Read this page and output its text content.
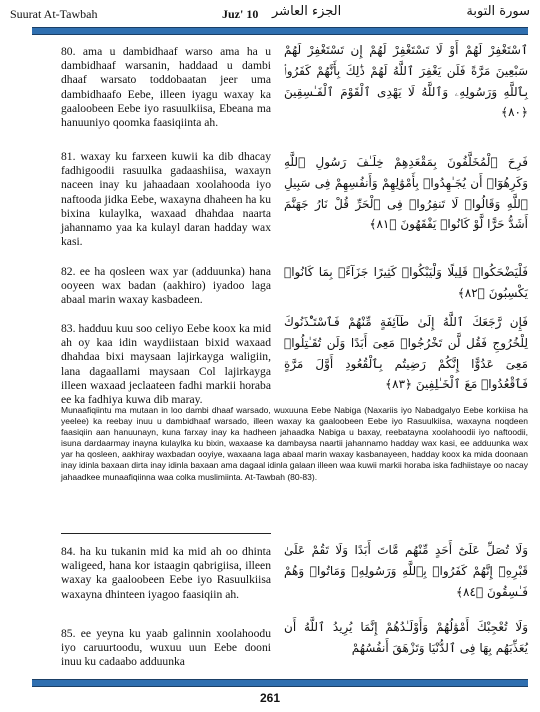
Suurat At-Tawbah	Juz' 10 الجزء العاشر	سورة التوبة
80. ama u dambidhaaf warso ama ha u dambidhaaf warsanin, haddaad u dambi dhaaf warsato toddobaatan jeer uma dambidhaafo Eebe, illeen iyagu waxay ka gaaloobeen Eebe iyo rasuulkiisa, Ebeana ma hanuuniyo qoomka faasiqiinta ah.
ٱسْتَغْفِرْ لَهُمْ أَوْ لَا تَسْتَغْفِرْ لَهُمْ إِن تَسْتَغْفِرْ لَهُمْ سَبْعِينَ مَرَّةً فَلَن يَغْفِرَ ٱللَّهُ لَهُمْ ذَٰلِكَ بِأَنَّهُمْ كَفَرُوا۟ بِٱللَّهِ وَرَسُولِهِۦ وَٱللَّهُ لَا يَهْدِى ٱلْقَوْمَ ٱلْفَـٰسِقِينَ ﴿٨٠﴾
81. waxay ku farxeen kuwii ka dib dhacay fadhigoodii rasuulka gadaashiisa, waxayn naceen inay ku jahaadaan xoolahooda iyo naftooda jidka Eebe, waxayna dhaheen ha ku bixina kulaylka, waxaad dhahdaa naarta jahannamo yaa ka kulayl daran hadday wax kasi.
فَرِحَ ٱلْمُخَلَّفُونَ بِمَقْعَدِهِمْ خِلَـٰفَ رَسُولِ ٱللَّهِ وَكَرِهُوٓا۟ أَن يُجَـٰهِدُوا۟ بِأَمْوَٰلِهِمْ وَأَنفُسِهِمْ فِى سَبِيلِ ٱللَّهِ وَقَالُوا۟ لَا تَنفِرُوا۟ فِى ٱلْحَرِّ قُلْ نَارُ جَهَنَّمَ أَشَدُّ حَرًّا لَّوْ كَانُوا۟ يَفْقَهُونَ ﴿٨١﴾
82. ee ha qosleen wax yar (adduunka) hana ooyeen wax badan (aakhiro) iyadoo laga abaal marin waxay kasbadeen.
فَلْيَضْحَكُوا۟ قَلِيلًا وَلْيَبْكُوا۟ كَثِيرًا جَزَآءًۢ بِمَا كَانُوا۟ يَكْسِبُونَ ﴿٨٢﴾
83. hadduu kuu soo celiyo Eebe koox ka mid ah oy kaa idin waydiistaan bixid waxaad dhahdaa bixi maysaan lajirkayga waligiin, lana dagaallami maysaan Col lajirkayga illeen waxaad jeclaateen fadhi markii horaba ee ka fadhiya kuwa dib maray.
فَإِن رَّجَعَكَ ٱللَّهُ إِلَىٰ طَآئِفَةٍ مِّنْهُمْ فَٱسْتَـْٔذَنُوكَ لِلْخُرُوجِ فَقُل لَّن تَخْرُجُوا۟ مَعِىَ أَبَدًا وَلَن تُقَـٰتِلُوا۟ مَعِىَ عَدُوًّا إِنَّكُمْ رَضِيتُم بِٱلْقُعُودِ أَوَّلَ مَرَّةٍ فَٱقْعُدُوا۟ مَعَ ٱلْخَـٰلِفِينَ ﴿٨٣﴾
Munaafiqiintu ma mutaan in loo dambi dhaaf warsado, wuxuuna Eebe Nabiga (Naxariis iyo Nabadgalyo Eebe korkiisa ha yeelee) ka reebay inuu u dambidhaaf warsado, illeen waxay ka gaaloobeen Eebe iyo Rasuulkiisa, waxayna noqdeen faasiqiin aan hanuunayn, kuna farxay inay ka hadheen jahaadka Nabiga u baxay, reebatayna xoolahoodii iyo naftoodii, isuna dardaarmay inayna kulaylka ku bixin, waxaase ka dambaysa naartii jahannamo hadday wax kasi, ee adduunka wax yar ha qosleen, aakhiray waxbadan ooyiye, waxaana laga abaal marin waxay kasbanayeen, hadday koox ka mida doonaan inay idinla baxaan dirta inay idinla baxaan ama dagaal idinla galaan illeen waa kuwii markii horaba iska fadhiistaye oo nacay jahaadkee munaafiqiinna waa colka muslimiinta. At-Tawbah (80-83).
84. ha ku tukanin mid ka mid ah oo dhinta waligeed, hana kor istaagin qabrigiisa, illeen waxay ka gaaloobeen Eebe iyo Rasuulkiisa waxayna dhinteen iyagoo faasiqiin ah.
وَلَا تُصَلِّ عَلَىٰٓ أَحَدٍ مِّنْهُم مَّاتَ أَبَدًا وَلَا تَقُمْ عَلَىٰ قَبْرِهِۦٓ إِنَّهُمْ كَفَرُوا۟ بِٱللَّهِ وَرَسُولِهِۦ وَمَاتُوا۟ وَهُمْ فَـٰسِقُونَ ﴿٨٤﴾
85. ee yeyna ku yaab galinnin xoolahoodu iyo caruurtoodu, wuxuu uun Eebe dooni inuu ku cadaabo adduunka
وَلَا تُعْجِبْكَ أَمْوَٰلُهُمْ وَأَوْلَـٰدُهُمْ إِنَّمَا يُرِيدُ ٱللَّهُ أَن يُعَذِّبَهُم بِهَا فِى ٱلدُّنْيَا وَتَزْهَقَ أَنفُسُهُمْ
261
